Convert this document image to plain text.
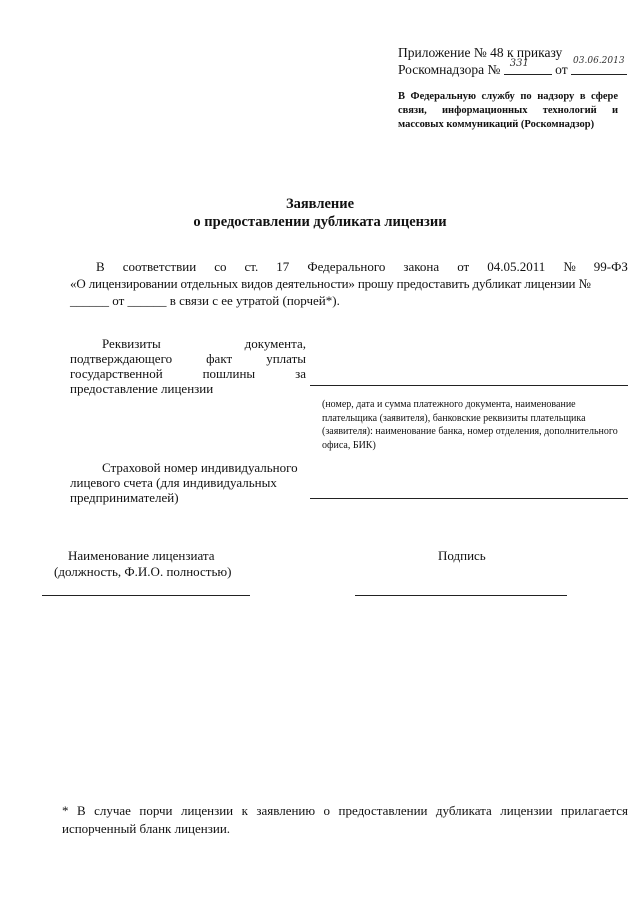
Приложение № 48 к приказу
Роскомнадзора № 331 от
03.06.2013
В Федеральную службу по надзору в сфере связи, информационных технологий и массовых коммуникаций (Роскомнадзор)
Заявление
о предоставлении дубликата лицензии
В соответствии со ст. 17 Федерального закона от 04.05.2011 № 99-ФЗ
«О лицензировании отдельных видов деятельности» прошу предоставить дубликат лицензии №
______ от ______ в связи с ее утратой (порчей*).
Реквизиты	документа,
подтверждающего	факт	уплаты
государственной	пошлины	за
предоставление лицензии
(номер, дата и сумма платежного документа, наименование плательщика (заявителя), банковские реквизиты плательщика (заявителя): наименование банка, номер отделения, дополнительного офиса, БИК)
Страховой номер индивидуального
лицевого счета (для индивидуальных
предпринимателей)
Наименование лицензиата
(должность, Ф.И.О. полностью)
Подпись
* В случае порчи лицензии к заявлению о предоставлении дубликата лицензии прилагается испорченный бланк лицензии.
